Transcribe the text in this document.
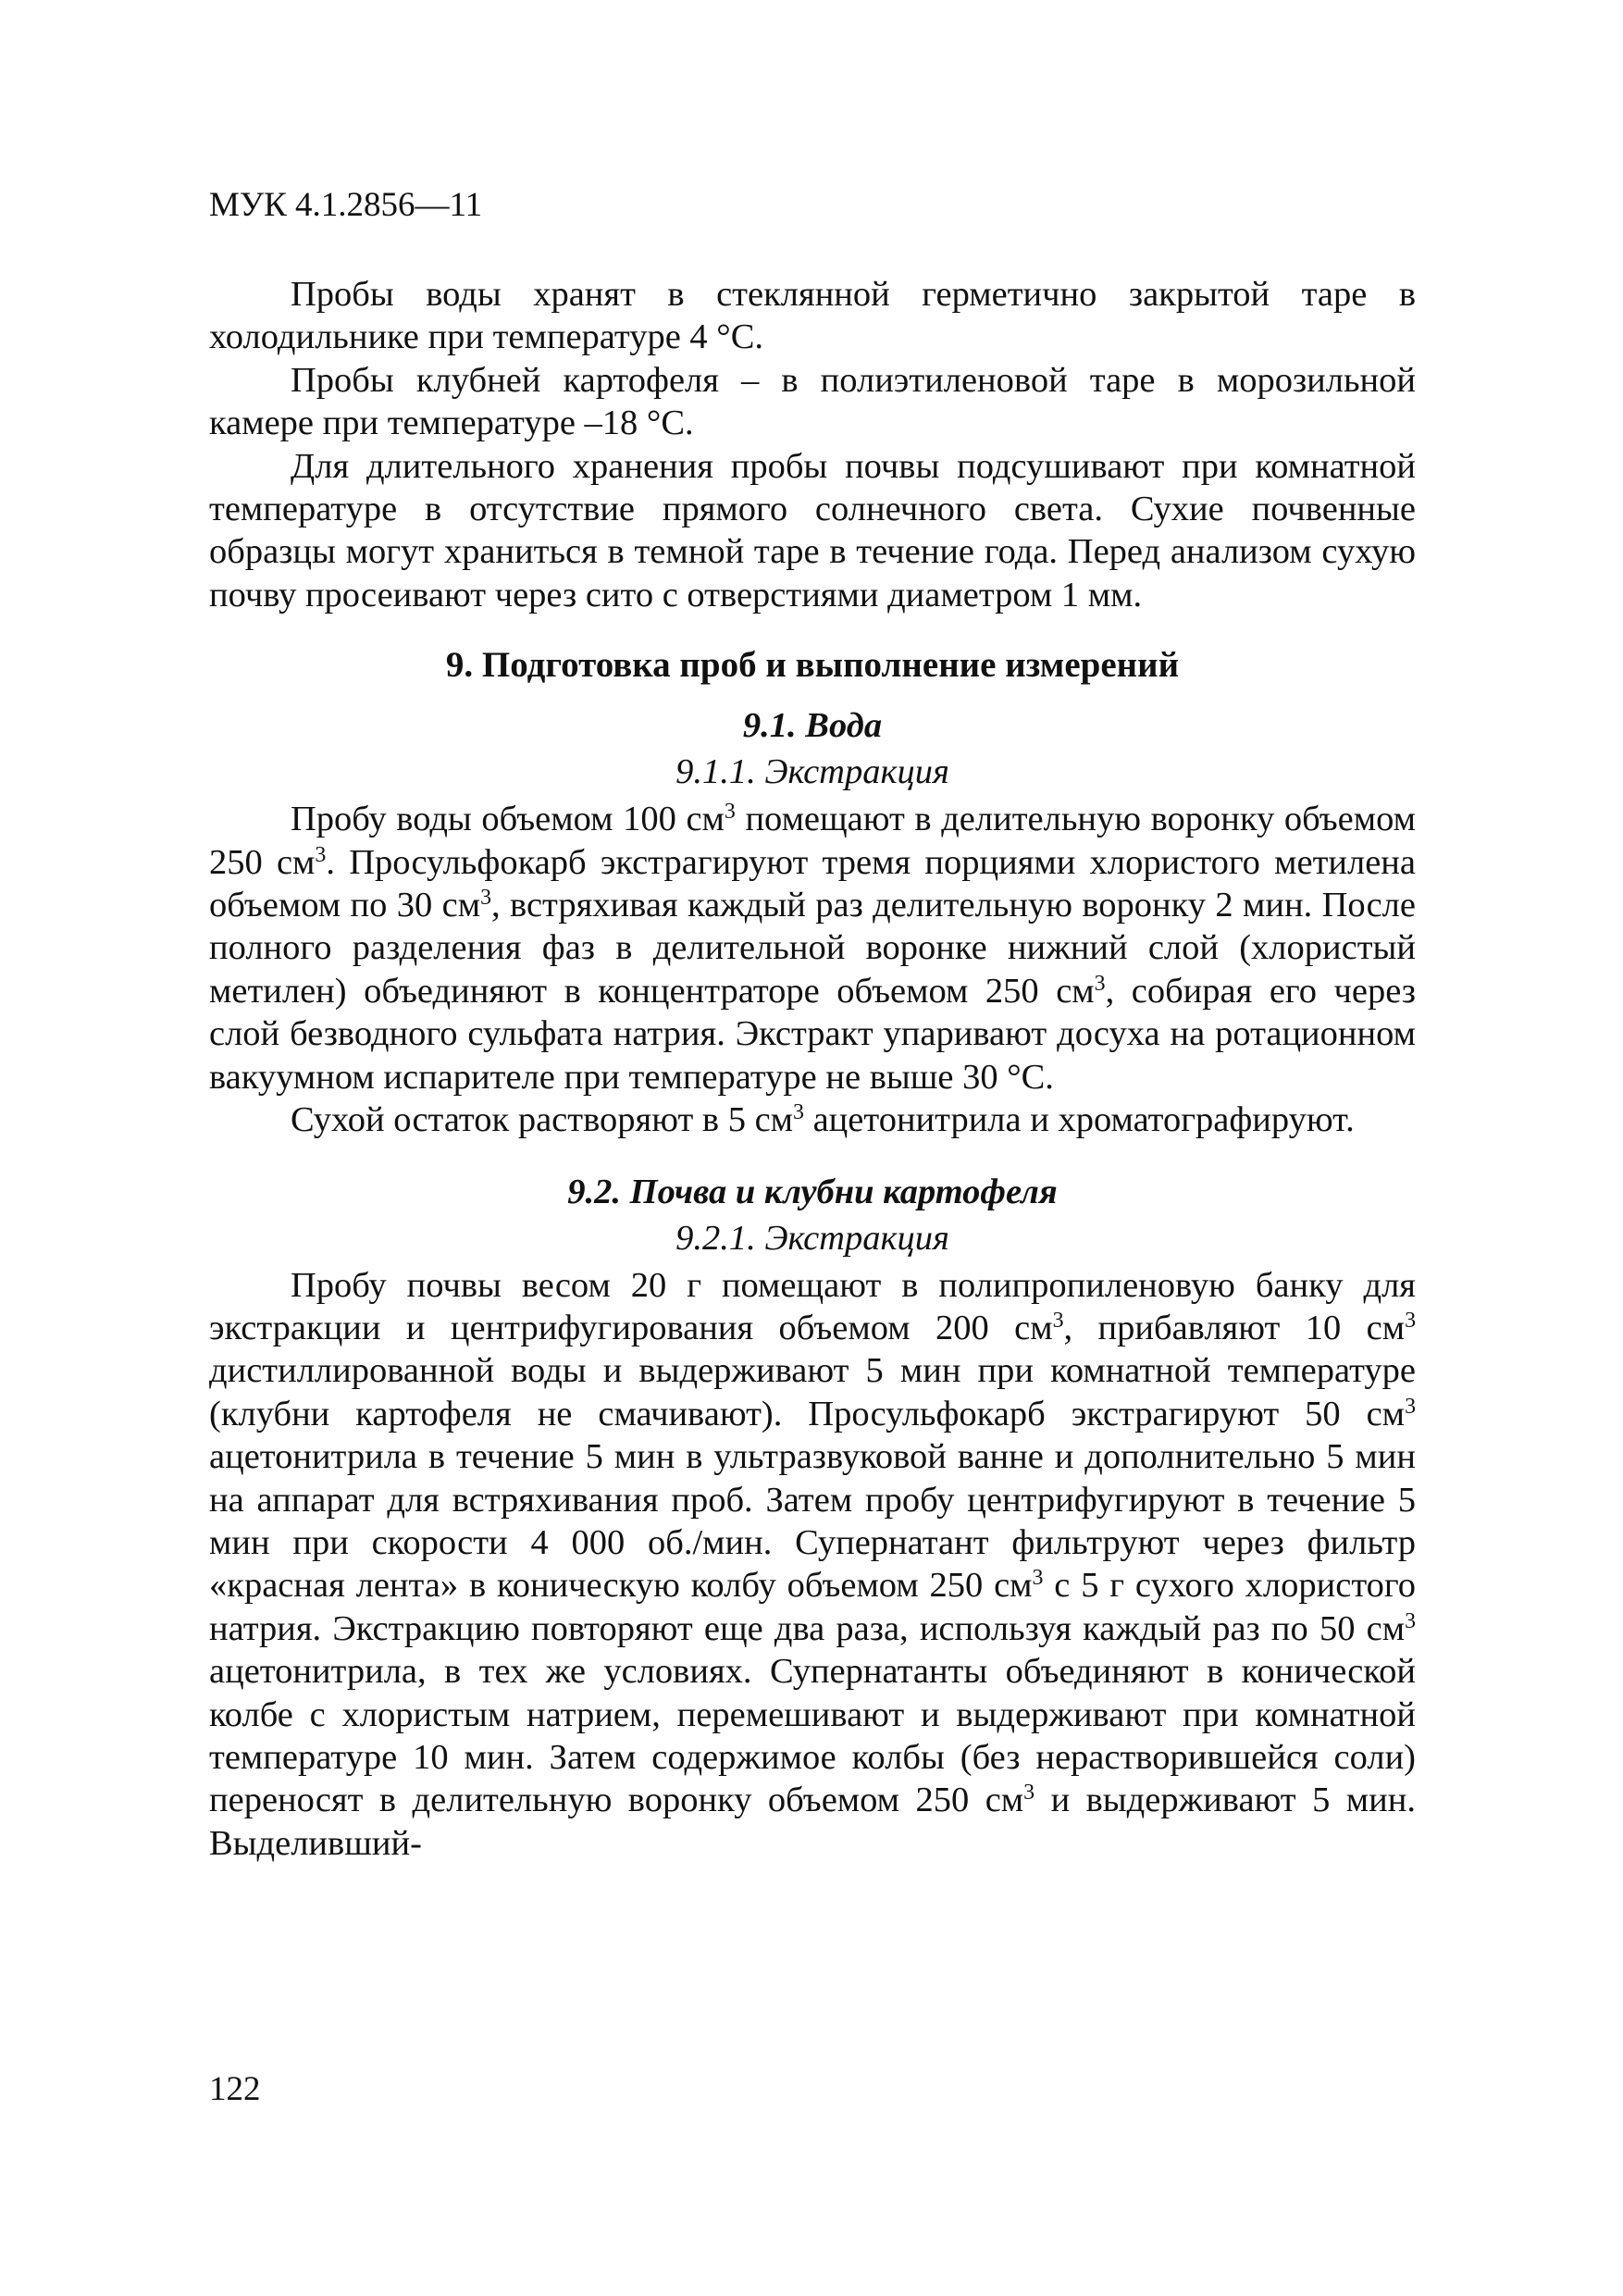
МУК 4.1.2856—11

Пробы воды хранят в стеклянной герметично закрытой таре в холодильнике при температуре 4 °С.

Пробы клубней картофеля – в полиэтиленовой таре в морозильной камере при температуре –18 °С.

Для длительного хранения пробы почвы подсушивают при комнатной температуре в отсутствие прямого солнечного света. Сухие почвенные образцы могут храниться в темной таре в течение года. Перед анализом сухую почву просеивают через сито с отверстиями диаметром 1 мм.

9. Подготовка проб и выполнение измерений
9.1. Вода
9.1.1. Экстракция

Пробу воды объемом 100 $см^3$ помещают в делительную воронку объемом 250 $см^3$. Просульфокарб экстрагируют тремя порциями хлористого метилена объемом по 30 $см^3$, встряхивая каждый раз делительную воронку 2 мин. После полного разделения фаз в делительной воронке нижний слой (хлористый метилен) объединяют в концентраторе объемом 250 $см^3$, собирая его через слой безводного сульфата натрия. Экстракт упаривают досуха на ротационном вакуумном испарителе при температуре не выше 30 °С.

Сухой остаток растворяют в 5 $см^3$ ацетонитрила и хроматографируют.

9.2. Почва и клубни картофеля
9.2.1. Экстракция

Пробу почвы весом 20 г помещают в полипропиленовую банку для экстракции и центрифугирования объемом 200 $см^3$, прибавляют 10 $см^3$ дистиллированной воды и выдерживают 5 мин при комнатной температуре (клубни картофеля не смачивают). Просульфокарб экстрагируют 50 $см^3$ ацетонитрила в течение 5 мин в ультразвуковой ванне и дополнительно 5 мин на аппарат для встряхивания проб. Затем пробу центрифугируют в течение 5 мин при скорости 4 000 об./мин. Супернатант фильтруют через фильтр «красная лента» в коническую колбу объемом 250 $см^3$ с 5 г сухого хлористого натрия. Экстракцию повторяют еще два раза, используя каждый раз по 50 $см^3$ ацетонитрила, в тех же условиях. Супернатанты объединяют в конической колбе с хлористым натрием, перемешивают и выдерживают при комнатной температуре 10 мин. Затем содержимое колбы (без нерастворившейся соли) переносят в делительную воронку объемом 250 $см^3$ и выдерживают 5 мин. Выделивший-

122
